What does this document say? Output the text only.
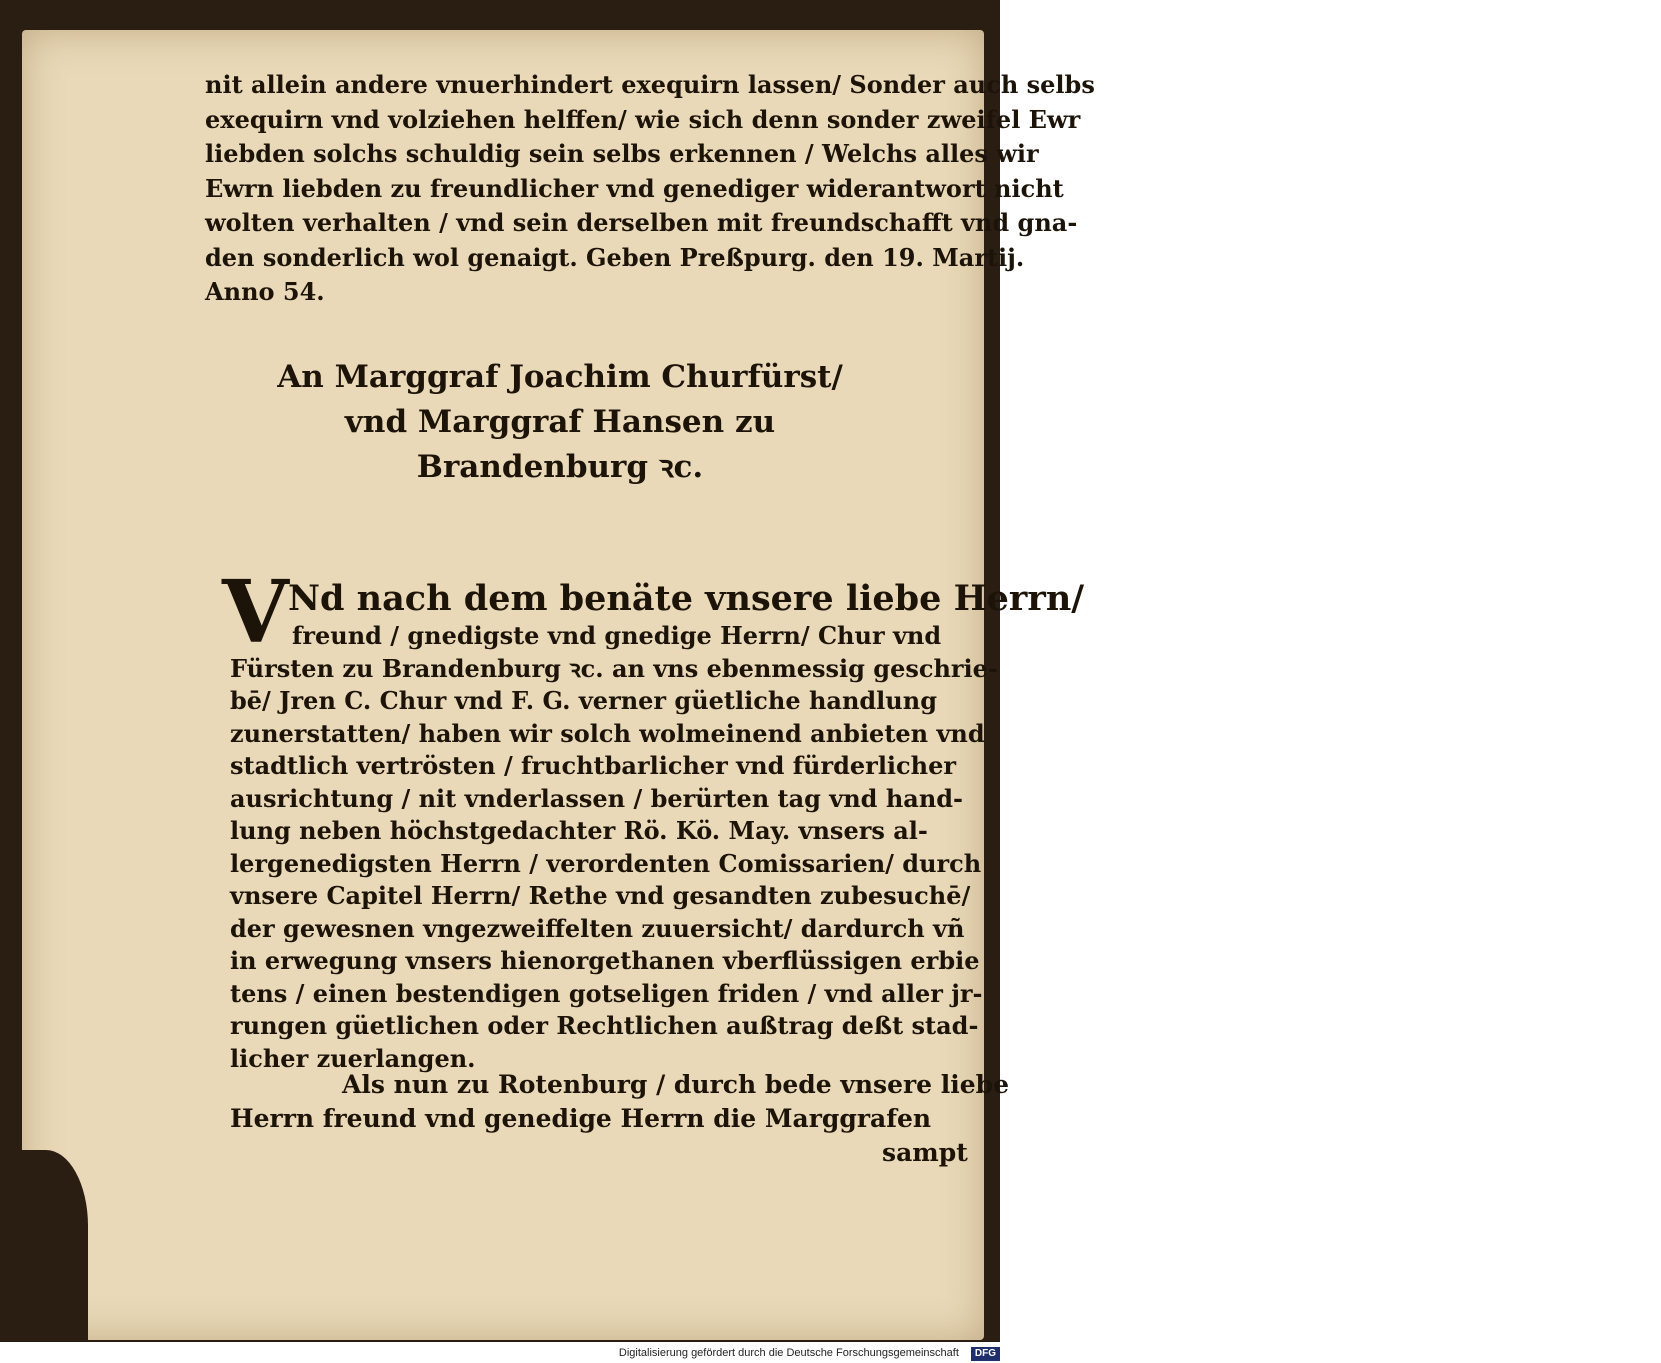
nit allein andere vnuerhindert exequirn lassen/ Sonder auch selbs
exequirn vnd volziehen helffen/ wie sich denn sonder zweifel Ewr
liebden solchs schuldig sein selbs erkennen / Welchs alles wir
Ewrn liebden zu freundlicher vnd genediger widerantwort nicht
wolten verhalten / vnd sein derselben mit freundschafft vnd gna-
den sonderlich wol genaigt. Geben Preßpurg. den 19. Martij.
Anno 54.
An Marggraf Joachim Churfürst/
vnd Marggraf Hansen zu
Brandenburg ꝛc.
V Nd nach dem benäte vnsere liebe Herrn/
freund / gnedigste vnd gnedige Herrn/ Chur vnd
Fürsten zu Brandenburg ꝛc. an vns ebenmessig geschrie-
bē/ Jren C. Chur vnd F. G. verner güetliche handlung
zunerstatten/ haben wir solch wolmeinend anbieten vnd
stadtlich vertrösten / fruchtbarlicher vnd fürderlicher
ausrichtung / nit vnderlassen / berürten tag vnd hand-
lung neben höchstgedachter Rö. Kö. May. vnsers al-
lergenedigsten Herrn / verordenten Comissarien/ durch
vnsere Capitel Herrn/ Rethe vnd gesandten zubesuchē/
der gewesnen vngezweiffelten zuuersicht/ dardurch vñ
in erwegung vnsers hienorgethanen vberflüssigen erbie
tens / einen bestendigen gotseligen friden / vnd aller jr-
rungen güetlichen oder Rechtlichen außtrag deßt stad-
licher zuerlangen.
Als nun zu Rotenburg / durch bede vnsere liebe
Herrn freund vnd genedige Herrn die Marggrafen
sampt
Digitalisierung gefördert durch die Deutsche Forschungsgemeinschaft DFG
